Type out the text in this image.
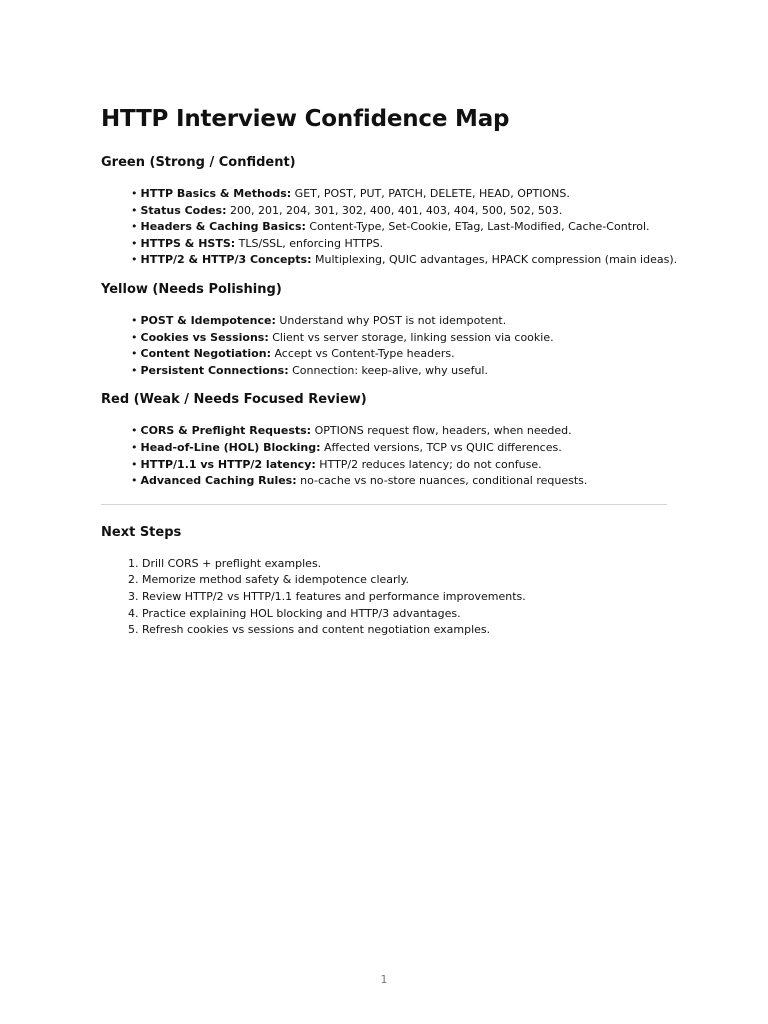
HTTP Interview Confidence Map
Green (Strong / Confident)
• HTTP Basics & Methods: GET, POST, PUT, PATCH, DELETE, HEAD, OPTIONS.
• Status Codes: 200, 201, 204, 301, 302, 400, 401, 403, 404, 500, 502, 503.
• Headers & Caching Basics: Content-Type, Set-Cookie, ETag, Last-Modified, Cache-Control.
• HTTPS & HSTS: TLS/SSL, enforcing HTTPS.
• HTTP/2 & HTTP/3 Concepts: Multiplexing, QUIC advantages, HPACK compression (main ideas).
Yellow (Needs Polishing)
• POST & Idempotence: Understand why POST is not idempotent.
• Cookies vs Sessions: Client vs server storage, linking session via cookie.
• Content Negotiation: Accept vs Content-Type headers.
• Persistent Connections: Connection: keep-alive, why useful.
Red (Weak / Needs Focused Review)
• CORS & Preflight Requests: OPTIONS request flow, headers, when needed.
• Head-of-Line (HOL) Blocking: Affected versions, TCP vs QUIC differences.
• HTTP/1.1 vs HTTP/2 latency: HTTP/2 reduces latency; do not confuse.
• Advanced Caching Rules: no-cache vs no-store nuances, conditional requests.
Next Steps
1. Drill CORS + preflight examples.
2. Memorize method safety & idempotence clearly.
3. Review HTTP/2 vs HTTP/1.1 features and performance improvements.
4. Practice explaining HOL blocking and HTTP/3 advantages.
5. Refresh cookies vs sessions and content negotiation examples.
1
